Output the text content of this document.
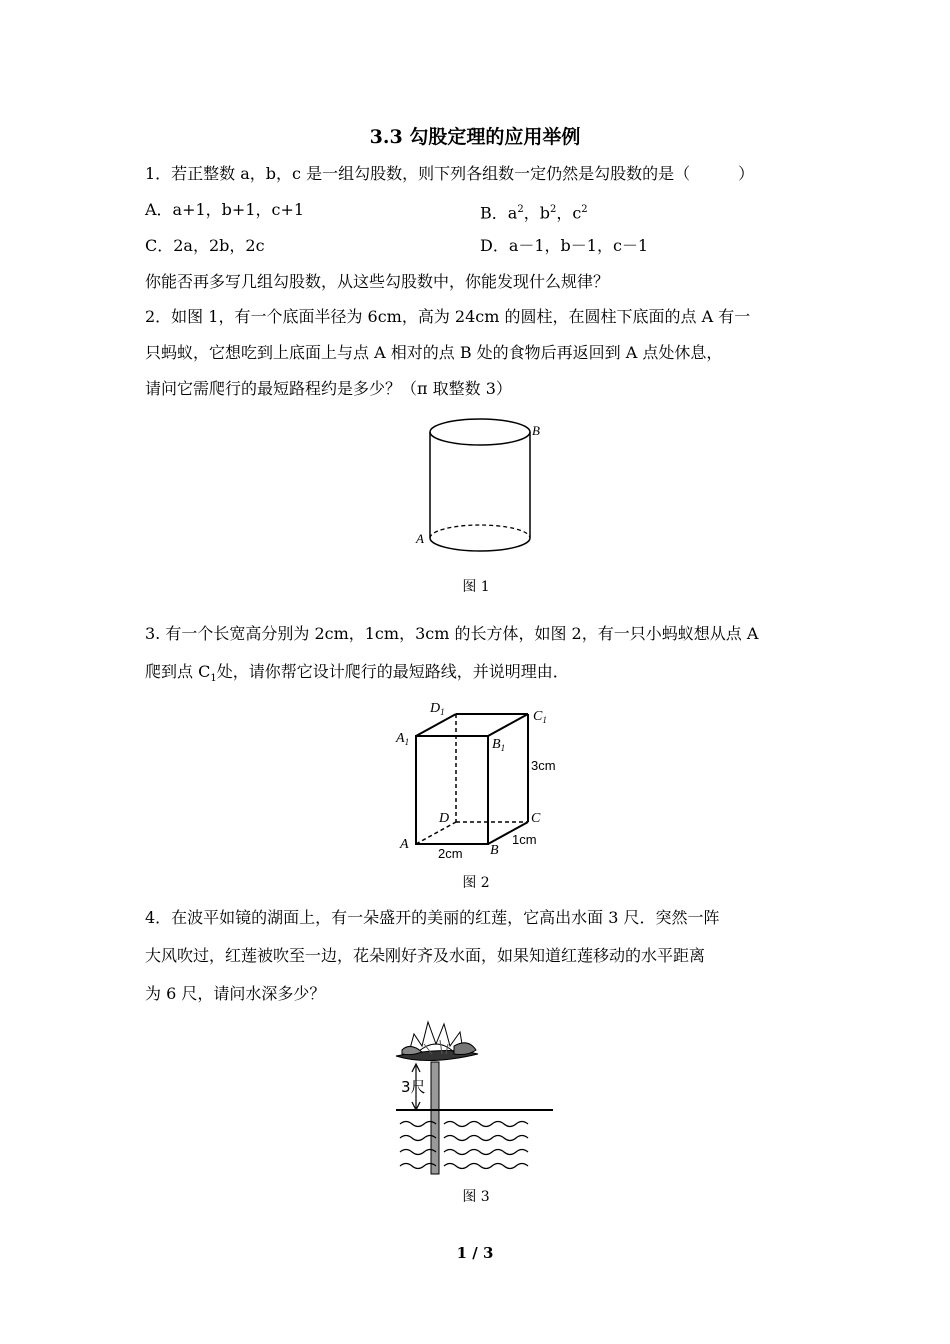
3.3 勾股定理的应用举例
1．若正整数 a，b，c 是一组勾股数，则下列各组数一定仍然是勾股数的是（　　　）
A．a+1，b+1，c+1	B．$a^2$，$b^2$，$c^2$
C．2a，2b，2c	D．a－1，b－1，c－1
你能否再多写几组勾股数，从这些勾股数中，你能发现什么规律？
2．如图 1，有一个底面半径为 6cm，高为 24cm 的圆柱，在圆柱下底面的点 A 有一
只蚂蚁，它想吃到上底面上与点 A 相对的点 B 处的食物后再返回到 A 点处休息，
请问它需爬行的最短路程约是多少？（π 取整数 3）
A
B
图 1
3. 有一个长宽高分别为 2cm，1cm，3cm 的长方体，如图 2，有一只小蚂蚁想从点 A
爬到点 $C_1$处，请你帮它设计爬行的最短路线，并说明理由．
$D_1$	$C_1$
$A_1$	$B_1$
D	C
A	B
3cm
1cm
2cm
图 2
4．在波平如镜的湖面上，有一朵盛开的美丽的红莲，它高出水面 3 尺．突然一阵
大风吹过，红莲被吹至一边，花朵刚好齐及水面，如果知道红莲移动的水平距离
为 6 尺，请问水深多少？
3尺
图 3
1 / 3
